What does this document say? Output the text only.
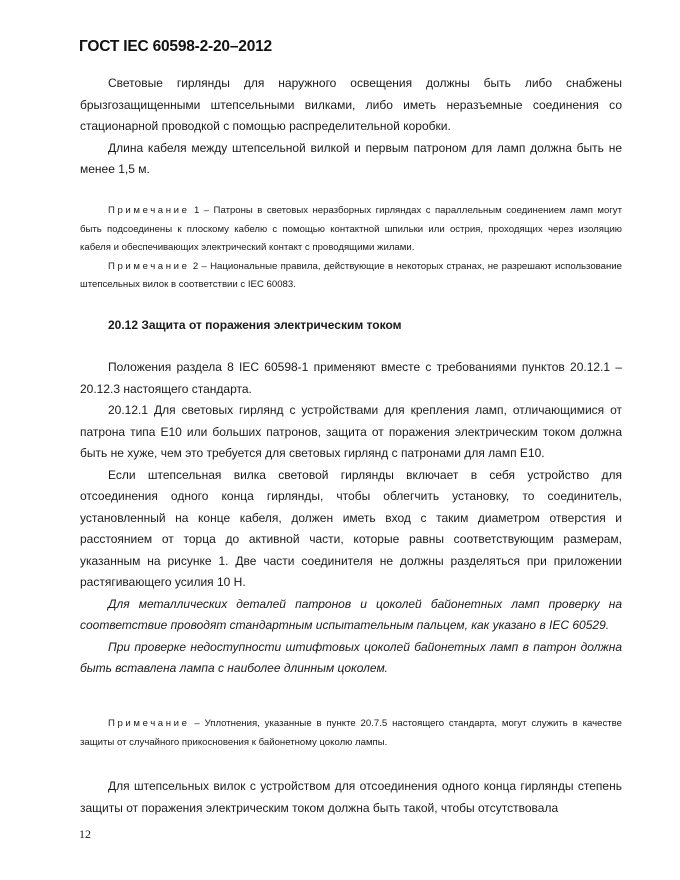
ГОСТ IEC 60598-2-20–2012

Световые гирлянды для наружного освещения должны быть либо снабжены брызгозащищенными штепсельными вилками, либо иметь неразъемные соединения со стационарной проводкой с помощью распределительной коробки.

Длина кабеля между штепсельной вилкой и первым патроном для ламп должна быть не менее 1,5 м.

Примечание 1 – Патроны в световых неразборных гирляндах с параллельным соединением ламп могут быть подсоединены к плоскому кабелю с помощью контактной шпильки или острия, проходящих через изоляцию кабеля и обеспечивающих электрический контакт с проводящими жилами.

Примечание 2 – Национальные правила, действующие в некоторых странах, не разрешают использование штепсельных вилок в соответствии с IEC 60083.

20.12 Защита от поражения электрическим током

Положения раздела 8 IEC 60598-1 применяют вместе с требованиями пунктов 20.12.1 – 20.12.3 настоящего стандарта.

20.12.1 Для световых гирлянд с устройствами для крепления ламп, отличающимися от патрона типа E10 или больших патронов, защита от поражения электрическим током должна быть не хуже, чем это требуется для световых гирлянд с патронами для ламп E10.

Если штепсельная вилка световой гирлянды включает в себя устройство для отсоединения одного конца гирлянды, чтобы облегчить установку, то соединитель, установленный на конце кабеля, должен иметь вход с таким диаметром отверстия и расстоянием от торца до активной части, которые равны соответствующим размерам, указанным на рисунке 1. Две части соединителя не должны разделяться при приложении растягивающего усилия 10 Н.

Для металлических деталей патронов и цоколей байонетных ламп проверку на соответствие проводят стандартным испытательным пальцем, как указано в IEC 60529.

При проверке недоступности штифтовых цоколей байонетных ламп в патрон должна быть вставлена лампа с наиболее длинным цоколем.

Примечание – Уплотнения, указанные в пункте 20.7.5 настоящего стандарта, могут служить в качестве защиты от случайного прикосновения к байонетному цоколю лампы.

Для штепсельных вилок с устройством для отсоединения одного конца гирлянды степень защиты от поражения электрическим током должна быть такой, чтобы отсутствовала

12
